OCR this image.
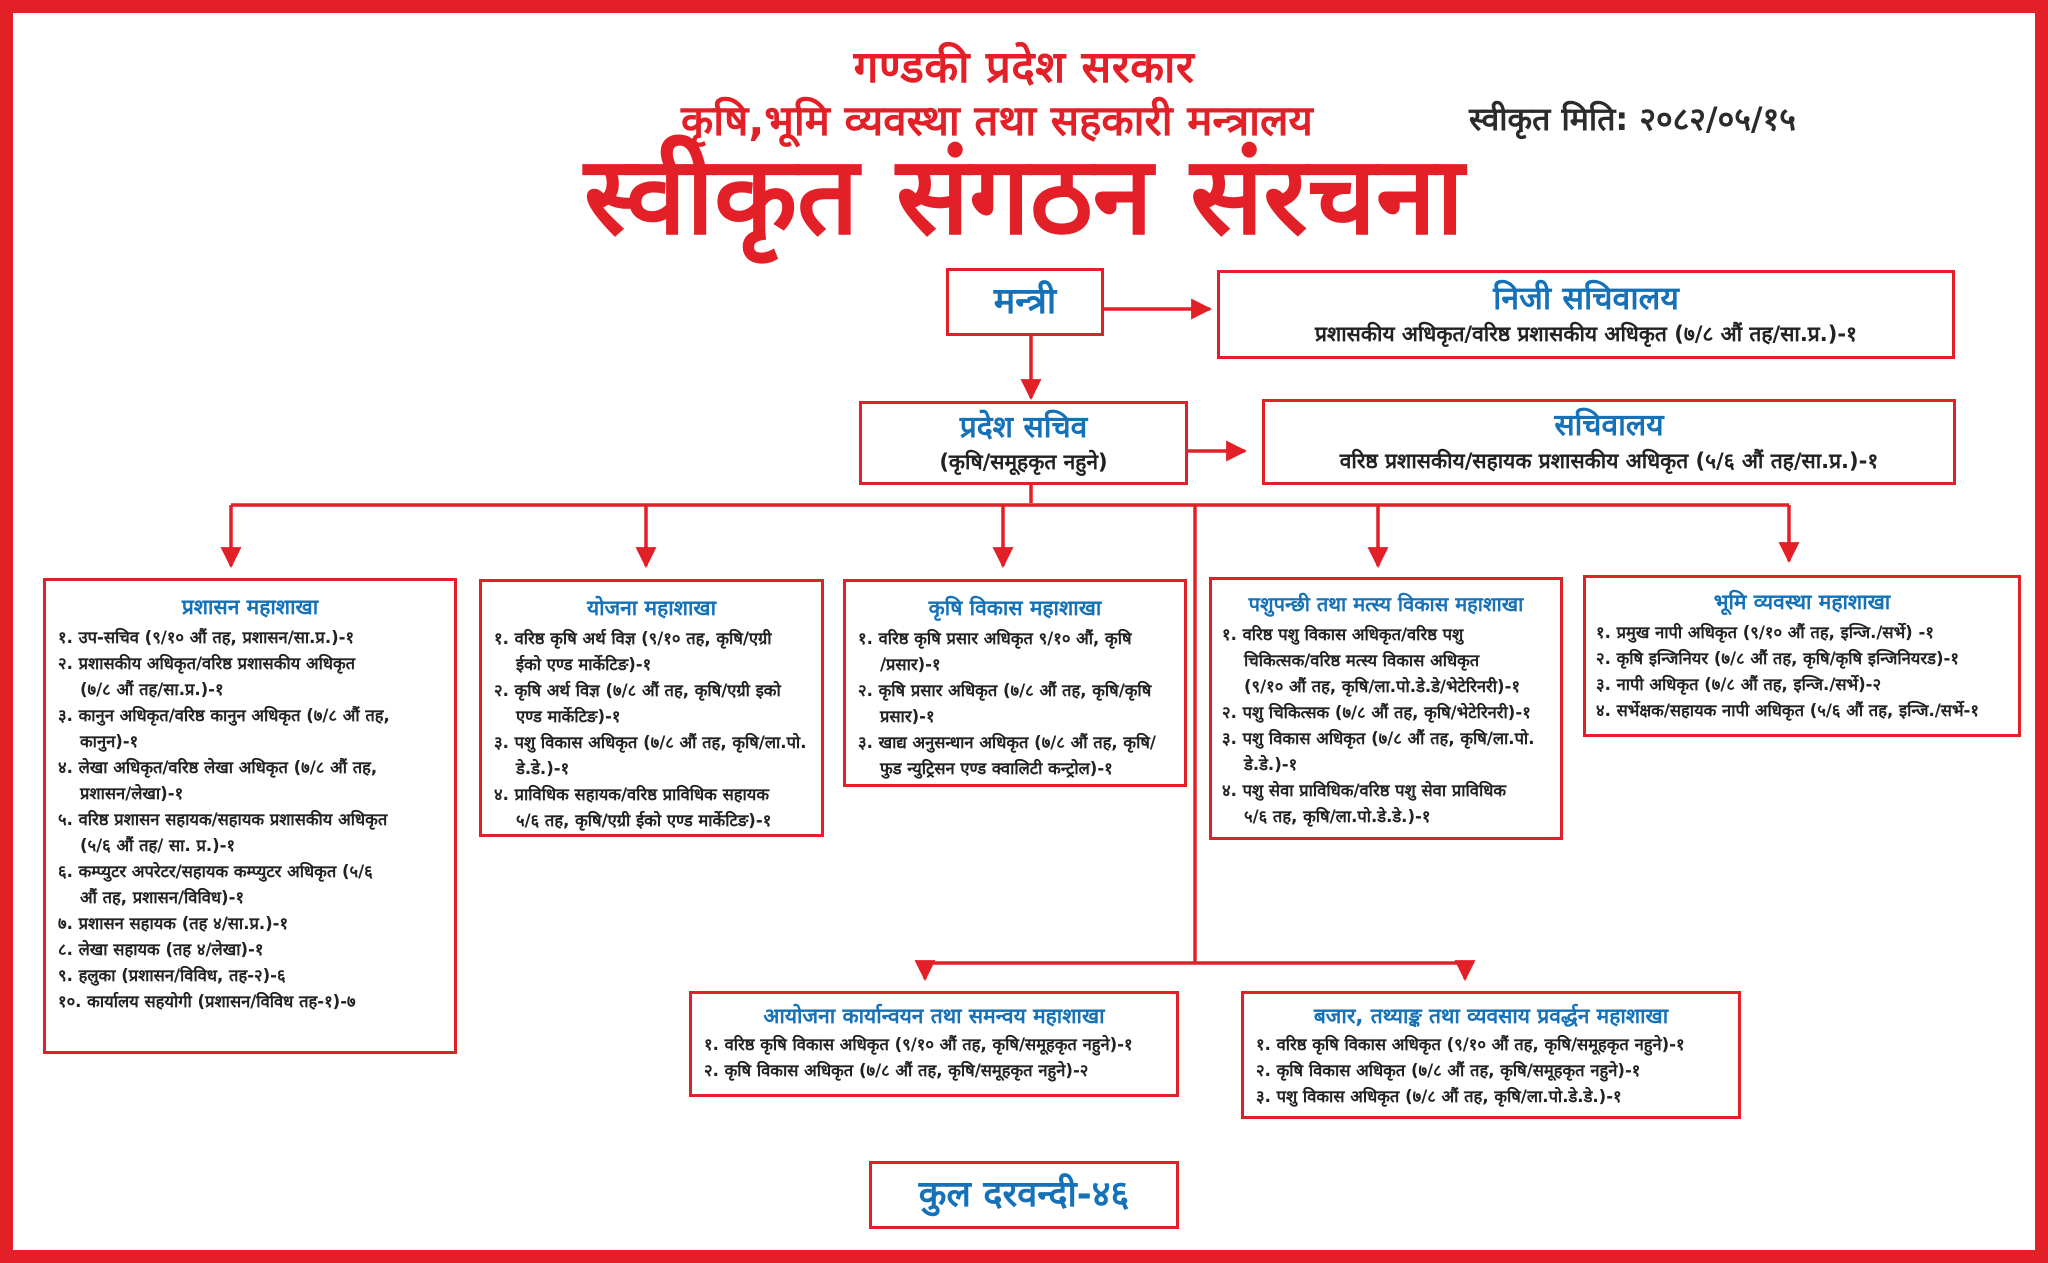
गण्डकी प्रदेश सरकार
कृषि,भूमि व्यवस्था तथा सहकारी मन्त्रालय	स्वीकृत मिति: २०८२/०५/१५
स्वीकृत संगठन संरचना
मन्त्री	निजी सचिवालय
प्रशासकीय अधिकृत/वरिष्ठ प्रशासकीय अधिकृत (७/८ औं तह/सा.प्र.)-१
प्रदेश सचिव
(कृषि/समूहकृत नहुने)
सचिवालय
वरिष्ठ प्रशासकीय/सहायक प्रशासकीय अधिकृत (५/६ औं तह/सा.प्र.)-१
प्रशासन महाशाखा
१. उप-सचिव (९/१० औं तह, प्रशासन/सा.प्र.)-१
२. प्रशासकीय अधिकृत/वरिष्ठ प्रशासकीय अधिकृत
(७/८ औं तह/सा.प्र.)-१
३. कानुन अधिकृत/वरिष्ठ कानुन अधिकृत (७/८ औं तह,
कानुन)-१
४. लेखा अधिकृत/वरिष्ठ लेखा अधिकृत (७/८ औं तह,
प्रशासन/लेखा)-१
५. वरिष्ठ प्रशासन सहायक/सहायक प्रशासकीय अधिकृत
(५/६ औं तह/ सा. प्र.)-१
६. कम्प्युटर अपरेटर/सहायक कम्प्युटर अधिकृत (५/६
औं तह, प्रशासन/विविध)-१
७. प्रशासन सहायक (तह ४/सा.प्र.)-१
८. लेखा सहायक (तह ४/लेखा)-१
९. हलुका (प्रशासन/विविध, तह-२)-६
१०. कार्यालय सहयोगी (प्रशासन/विविध तह-१)-७
योजना महाशाखा
१. वरिष्ठ कृषि अर्थ विज्ञ (९/१० तह, कृषि/एग्री
ईको एण्ड मार्केटिङ)-१
२. कृषि अर्थ विज्ञ (७/८ औं तह, कृषि/एग्री इको
एण्ड मार्केटिङ)-१
३. पशु विकास अधिकृत (७/८ औं तह, कृषि/ला.पो.
डे.डे.)-१
४. प्राविधिक सहायक/वरिष्ठ प्राविधिक सहायक
५/६ तह, कृषि/एग्री ईको एण्ड मार्केटिङ)-१
कृषि विकास महाशाखा
१. वरिष्ठ कृषि प्रसार अधिकृत ९/१० औं, कृषि
/प्रसार)-१
२. कृषि प्रसार अधिकृत (७/८ औं तह, कृषि/कृषि
प्रसार)-१
३. खाद्य अनुसन्धान अधिकृत (७/८ औं तह, कृषि/
फुड न्युट्रिसन एण्ड क्वालिटी कन्ट्रोल)-१
पशुपन्छी तथा मत्स्य विकास महाशाखा
१. वरिष्ठ पशु विकास अधिकृत/वरिष्ठ पशु
चिकित्सक/वरिष्ठ मत्स्य विकास अधिकृत
(९/१० औं तह, कृषि/ला.पो.डे.डे/भेटेरिनरी)-१
२. पशु चिकित्सक (७/८ औं तह, कृषि/भेटेरिनरी)-१
३. पशु विकास अधिकृत (७/८ औं तह, कृषि/ला.पो.
डे.डे.)-१
४. पशु सेवा प्राविधिक/वरिष्ठ पशु सेवा प्राविधिक
५/६ तह, कृषि/ला.पो.डे.डे.)-१
भूमि व्यवस्था महाशाखा
१. प्रमुख नापी अधिकृत (९/१० औं तह, इन्जि./सर्भे) -१
२. कृषि इन्जिनियर (७/८ औं तह, कृषि/कृषि इन्जिनियरड)-१
३. नापी अधिकृत (७/८ औं तह, इन्जि./सर्भे)-२
४. सर्भेक्षक/सहायक नापी अधिकृत (५/६ औं तह, इन्जि./सर्भे-१
आयोजना कार्यान्वयन तथा समन्वय महाशाखा
१. वरिष्ठ कृषि विकास अधिकृत (९/१० औं तह, कृषि/समूहकृत नहुने)-१
२. कृषि विकास अधिकृत (७/८ औं तह, कृषि/समूहकृत नहुने)-२
बजार, तथ्याङ्क तथा व्यवसाय प्रवर्द्धन महाशाखा
१. वरिष्ठ कृषि विकास अधिकृत (९/१० औं तह, कृषि/समूहकृत नहुने)-१
२. कृषि विकास अधिकृत (७/८ औं तह, कृषि/समूहकृत नहुने)-१
३. पशु विकास अधिकृत (७/८ औं तह, कृषि/ला.पो.डे.डे.)-१
कुल दरवन्दी-४६
